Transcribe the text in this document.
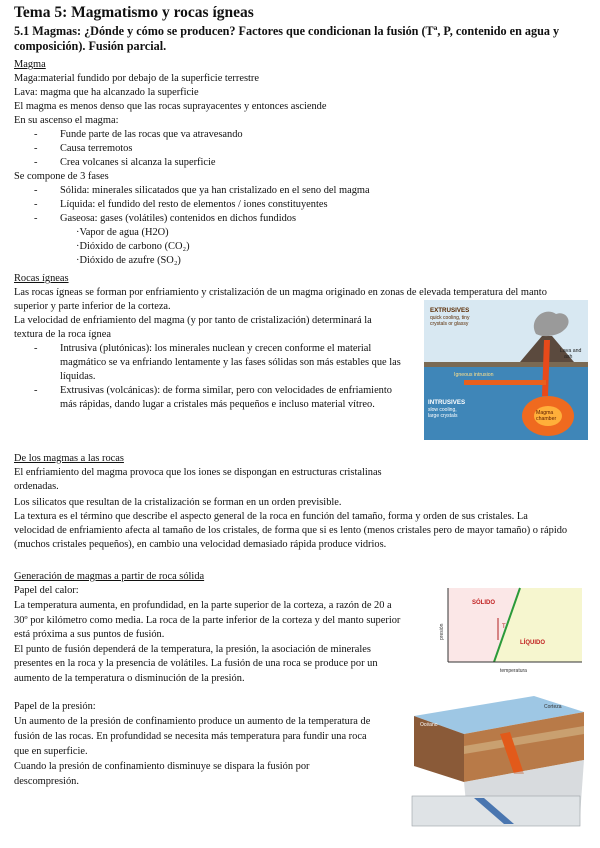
Tema 5: Magmatismo y rocas ígneas
5.1 Magmas: ¿Dónde y cómo se producen? Factores que condicionan la fusión (Tª, P, contenido en agua y
composición). Fusión parcial.
Magma
Maga:material fundido por debajo de la superficie terrestre
Lava: magma que ha alcanzado la superficie
El magma es menos denso que las rocas suprayacentes y entonces asciende
En su ascenso el magma:
- Funde parte de las rocas que va atravesando
- Causa terremotos
- Crea volcanes si alcanza la superficie
Se compone de 3 fases
- Sólida: minerales silicatados que ya han cristalizado en el seno del magma
- Líquida: el fundido del resto de elementos / iones constituyentes
- Gaseosa: gases (volátiles) contenidos en dichos fundidos
·Vapor de agua (H2O)
·Dióxido de carbono (CO₂)
·Dióxido de azufre (SO₂)
Rocas ígneas
Las rocas ígneas se forman por enfriamiento y cristalización de un magma originado en zonas de elevada temperatura del manto
superior y parte inferior de la corteza.
La velocidad de enfriamiento del magma (y por tanto de cristalización) determinará la
textura de la roca ígnea
- Intrusiva (plutónicas): los minerales nuclean y crecen conforme el material
magmático se va enfriando lentamente y las fases sólidas son más estables que las
líquidas.
- Extrusivas (volcánicas): de forma similar, pero con velocidades de enfriamiento
más rápidas, dando lugar a cristales más pequeños e incluso material vítreo.
EXTRUSIVES
quick cooling, tiny
crystals or glassy
Lava and
ash
Igneous intrusion
INTRUSIVES
slow cooling,
large crystals	Magma
chamber
De los magmas a las rocas
El enfriamiento del magma provoca que los iones se dispongan en estructuras cristalinas
ordenadas.
Los silicatos que resultan de la cristalización se forman en un orden previsible.
La textura es el término que describe el aspecto general de la roca en función del tamaño, forma y orden de sus cristales. La
velocidad de enfriamiento afecta al tamaño de los cristales, de forma que si es lento (menos cristales pero de mayor tamaño) o rápido
(muchos cristales pequeños), en cambio una velocidad demasiado rápida produce vidrios.
Generación de magmas a partir de roca sólida
Papel del calor:
La temperatura aumenta, en profundidad, en la parte superior de la corteza, a razón de 20 a
30º por kilómetro como media. La roca de la parte inferior de la corteza y del manto superior
está próxima a sus puntos de fusión.
El punto de fusión dependerá de la temperatura, la presión, la asociación de minerales
presentes en la roca y la presencia de volátiles. La fusión de una roca se produce por un
aumento de la temperatura o disminución de la presión.
Papel de la presión:
Un aumento de la presión de confinamiento produce un aumento de la temperatura de
fusión de las rocas. En profundidad se necesita más temperatura para fundir una roca
que en superficie.
Cuando la presión de confinamiento disminuye se dispara la fusión por
descompresión.
SÓLIDO
LÍQUIDO
T
presión
temperatura
Océano
Corteza
